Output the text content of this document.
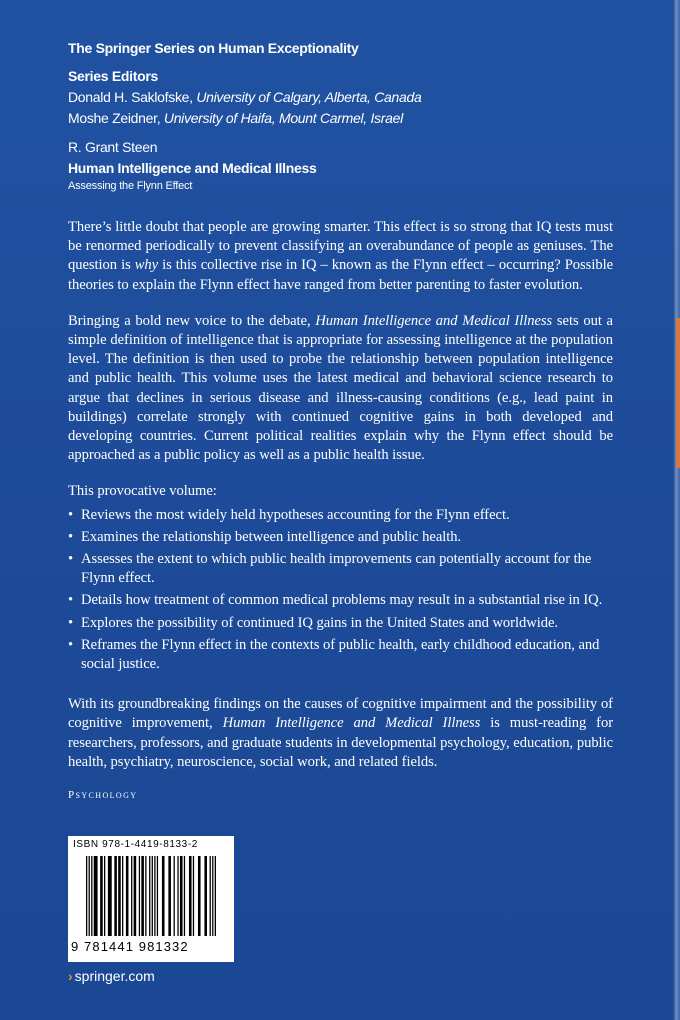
The Springer Series on Human Exceptionality
Series Editors
Donald H. Saklofske, University of Calgary, Alberta, Canada
Moshe Zeidner, University of Haifa, Mount Carmel, Israel
R. Grant Steen
Human Intelligence and Medical Illness
Assessing the Flynn Effect

There’s little doubt that people are growing smarter. This effect is so strong that IQ tests must be renormed periodically to prevent classifying an overabundance of people as geniuses. The question is why is this collective rise in IQ – known as the Flynn effect – occurring? Possible theories to explain the Flynn effect have ranged from better parenting to faster evolution.

Bringing a bold new voice to the debate, Human Intelligence and Medical Illness sets out a simple definition of intelligence that is appropriate for assessing intelligence at the population level. The definition is then used to probe the relationship between population intelligence and public health. This volume uses the latest medical and behavioral science research to argue that declines in serious disease and illness-causing conditions (e.g., lead paint in buildings) correlate strongly with continued cognitive gains in both developed and developing countries. Current political realities explain why the Flynn effect should be approached as a public policy as well as a public health issue.

This provocative volume:

• Reviews the most widely held hypotheses accounting for the Flynn effect.
• Examines the relationship between intelligence and public health.
• Assesses the extent to which public health improvements can potentially account for the Flynn effect.
• Details how treatment of common medical problems may result in a substantial rise in IQ.
• Explores the possibility of continued IQ gains in the United States and worldwide.
• Reframes the Flynn effect in the contexts of public health, early childhood education, and social justice.

With its groundbreaking findings on the causes of cognitive impairment and the possibility of cognitive improvement, Human Intelligence and Medical Illness is must-reading for researchers, professors, and graduate students in developmental psychology, education, public health, psychiatry, neuroscience, social work, and related fields.

Psychology
ISBN 978-1-4419-8133-2
9 781441 981332
› springer.com
